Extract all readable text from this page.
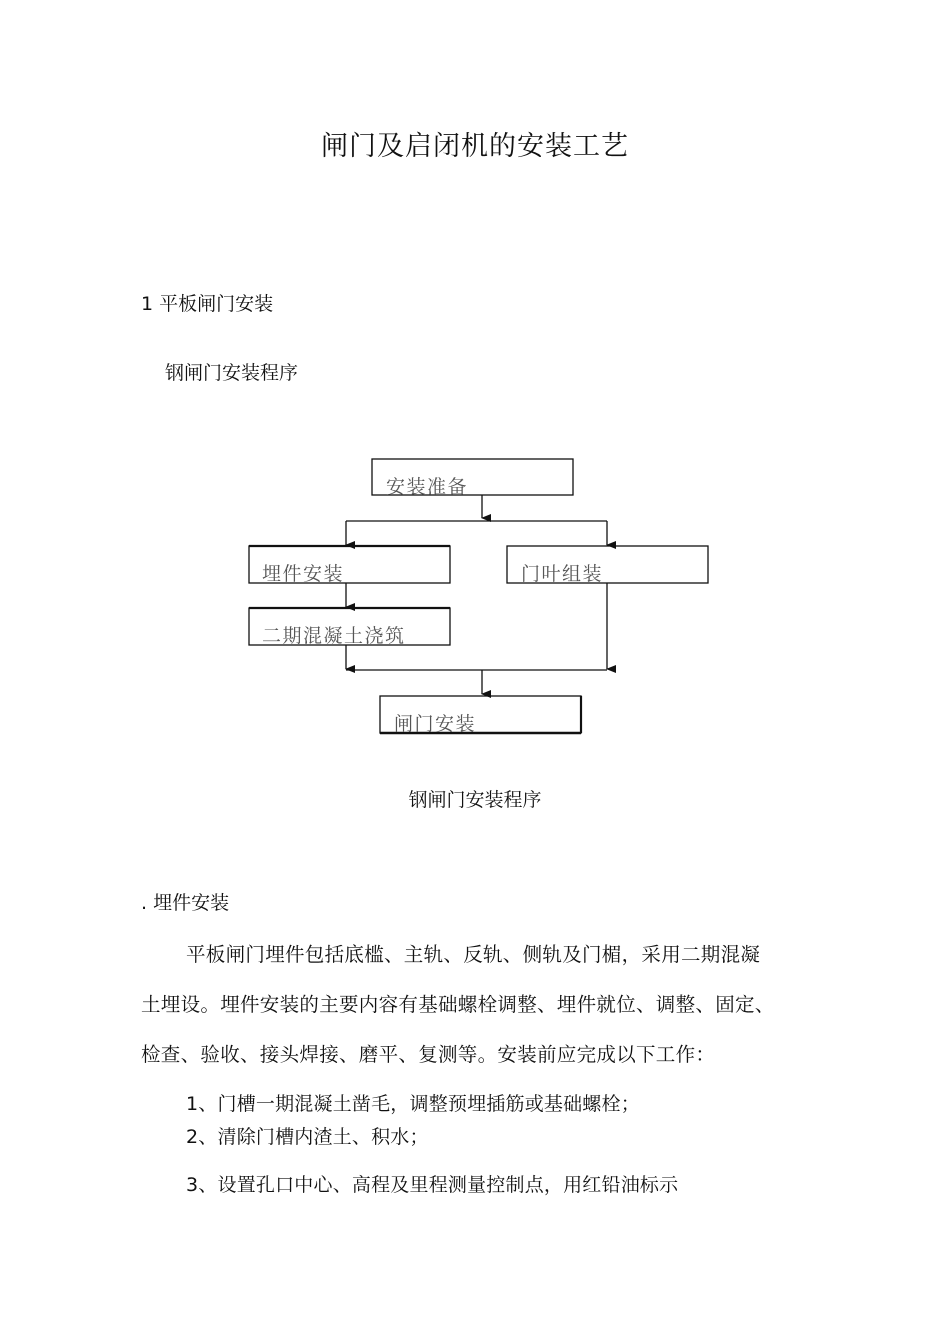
闸门及启闭机的安装工艺
1 平板闸门安装
钢闸门安装程序
安装准备
埋件安装	门叶组装
二期混凝土浇筑
闸门安装
钢闸门安装程序
. 埋件安装
平板闸门埋件包括底槛、主轨、反轨、侧轨及门楣，采用二期混凝
土埋设。埋件安装的主要内容有基础螺栓调整、埋件就位、调整、固定、
检查、验收、接头焊接、磨平、复测等。安装前应完成以下工作：
1、门槽一期混凝土凿毛，调整预埋插筋或基础螺栓；
2、清除门槽内渣土、积水；
3、设置孔口中心、高程及里程测量控制点，用红铅油标示
